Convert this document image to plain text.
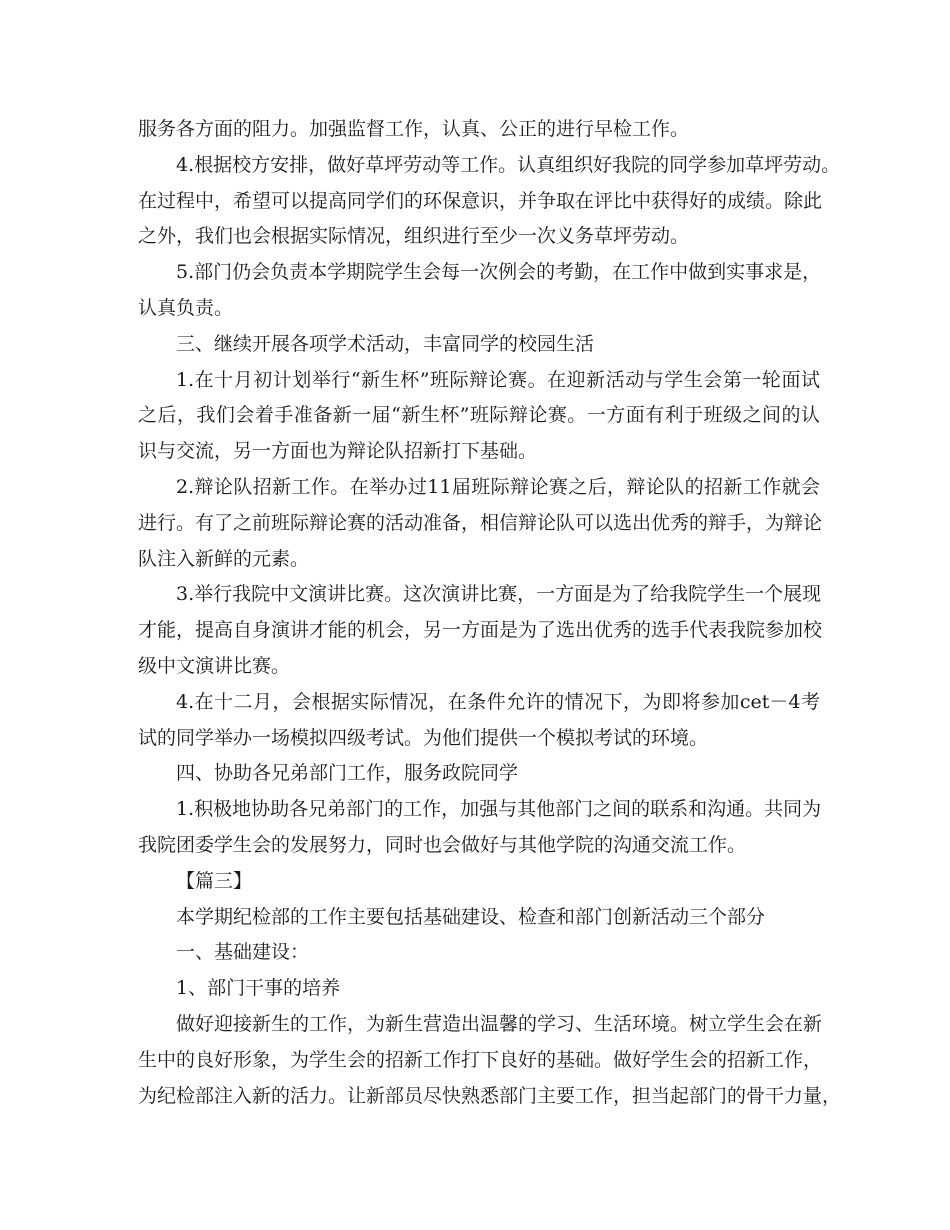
服务各方面的阻力。加强监督工作，认真、公正的进行早检工作。
4.根据校方安排，做好草坪劳动等工作。认真组织好我院的同学参加草坪劳动。
在过程中，希望可以提高同学们的环保意识，并争取在评比中获得好的成绩。除此
之外，我们也会根据实际情况，组织进行至少一次义务草坪劳动。
5.部门仍会负责本学期院学生会每一次例会的考勤，在工作中做到实事求是，
认真负责。
三、继续开展各项学术活动，丰富同学的校园生活
1.在十月初计划举行“新生杯”班际辩论赛。在迎新活动与学生会第一轮面试
之后，我们会着手准备新一届“新生杯”班际辩论赛。一方面有利于班级之间的认
识与交流，另一方面也为辩论队招新打下基础。
2.辩论队招新工作。在举办过11届班际辩论赛之后，辩论队的招新工作就会
进行。有了之前班际辩论赛的活动准备，相信辩论队可以选出优秀的辩手，为辩论
队注入新鲜的元素。
3.举行我院中文演讲比赛。这次演讲比赛，一方面是为了给我院学生一个展现
才能，提高自身演讲才能的机会，另一方面是为了选出优秀的选手代表我院参加校
级中文演讲比赛。
4.在十二月，会根据实际情况，在条件允许的情况下，为即将参加cet－4考
试的同学举办一场模拟四级考试。为他们提供一个模拟考试的环境。
四、协助各兄弟部门工作，服务政院同学
1.积极地协助各兄弟部门的工作，加强与其他部门之间的联系和沟通。共同为
我院团委学生会的发展努力，同时也会做好与其他学院的沟通交流工作。
【篇三】
本学期纪检部的工作主要包括基础建设、检查和部门创新活动三个部分
一、基础建设：
1、部门干事的培养
做好迎接新生的工作，为新生营造出温馨的学习、生活环境。树立学生会在新
生中的良好形象，为学生会的招新工作打下良好的基础。做好学生会的招新工作，
为纪检部注入新的活力。让新部员尽快熟悉部门主要工作，担当起部门的骨干力量，
